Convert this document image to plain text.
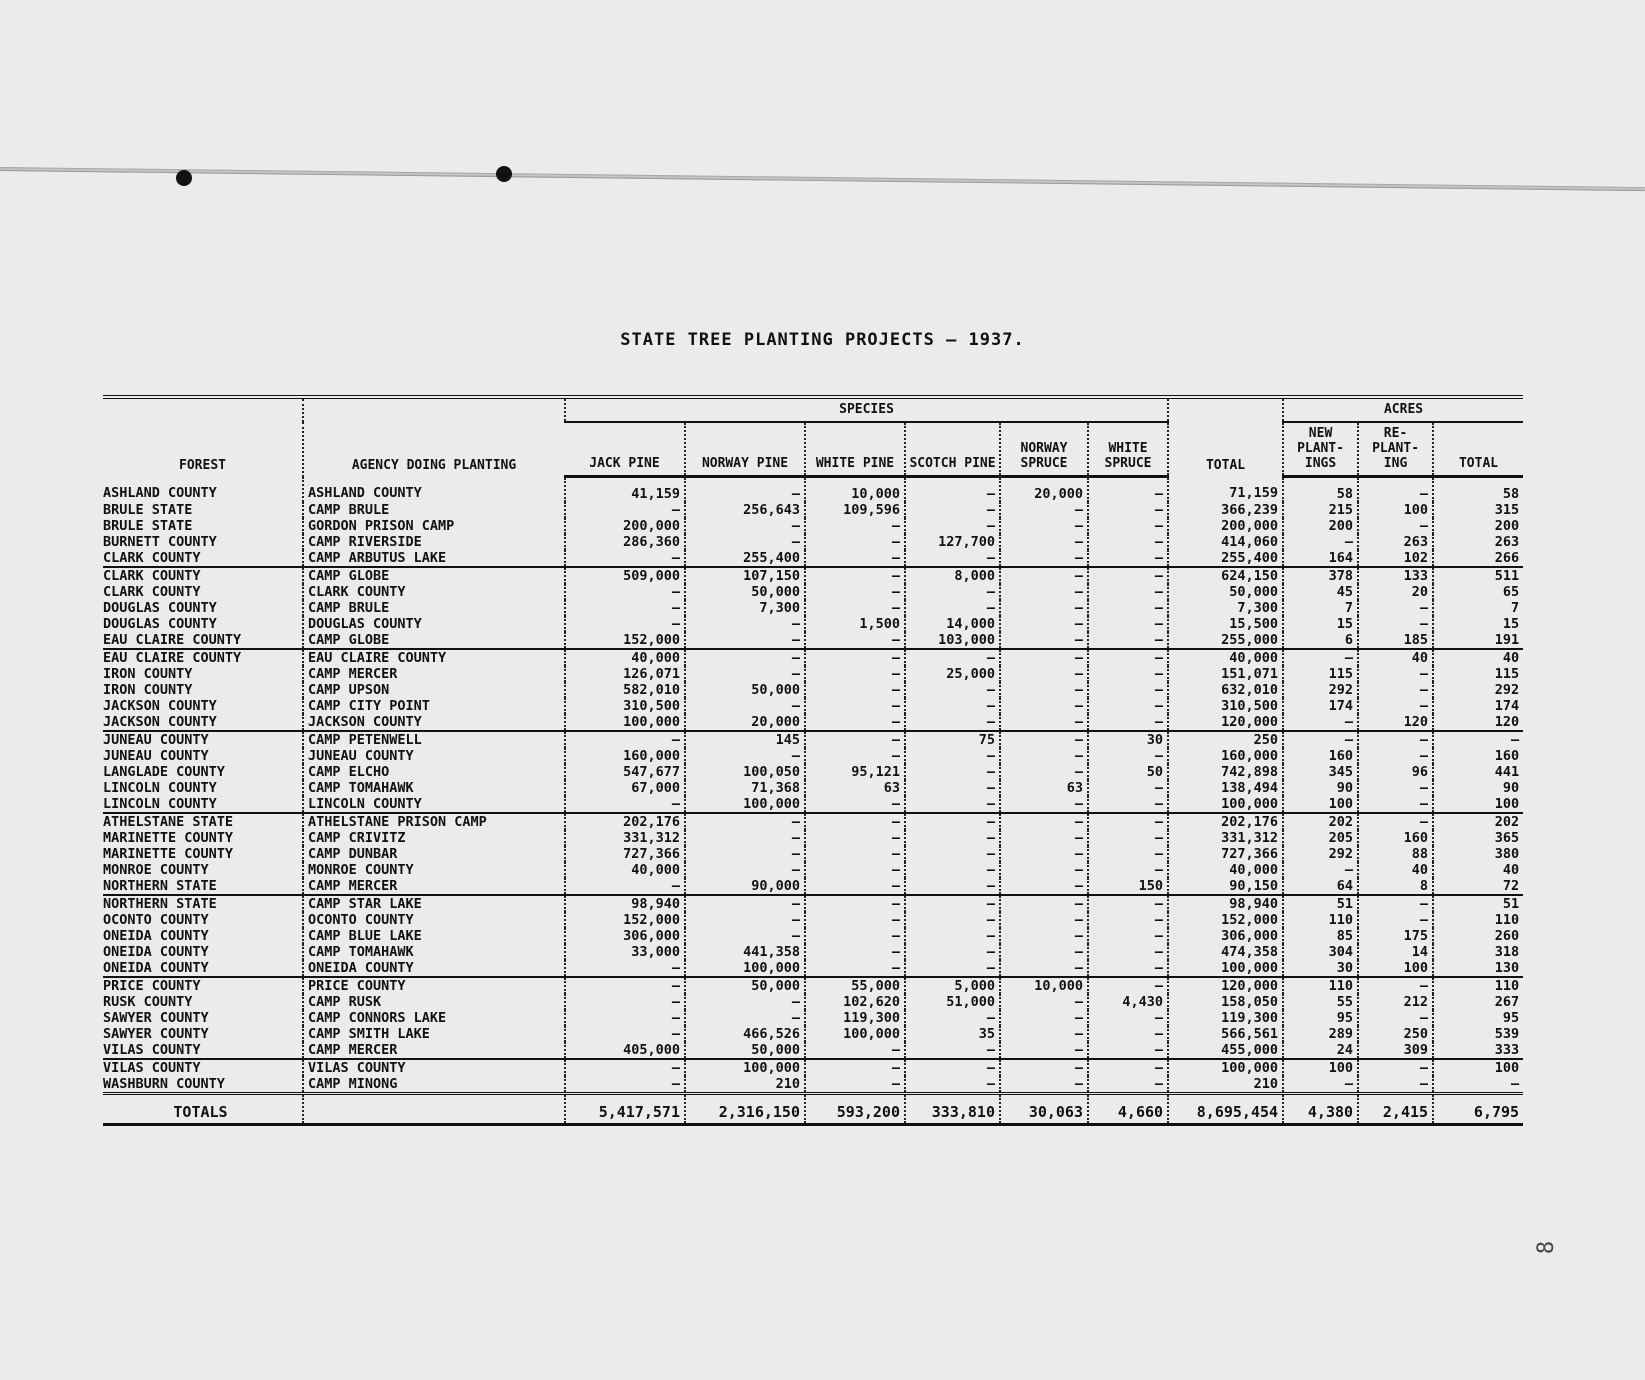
STATE TREE PLANTING PROJECTS — 1937.
FOREST	AGENCY DOING PLANTING	SPECIES						TOTAL	ACRES		
		JACK PINE	NORWAY PINE	WHITE PINE	SCOTCH PINE	NORWAY SPRUCE	WHITE SPRUCE		NEW PLANT-INGS	RE-PLANT-ING	TOTAL
ASHLAND COUNTY	ASHLAND COUNTY	41,159	—	10,000	—	20,000	—	71,159	58	—	58
BRULE STATE	CAMP BRULE	—	256,643	109,596	—	—	—	366,239	215	100	315
BRULE STATE	GORDON PRISON CAMP	200,000	—	—	—	—	—	200,000	200	—	200
BURNETT COUNTY	CAMP RIVERSIDE	286,360	—	—	127,700	—	—	414,060	—	263	263
CLARK COUNTY	CAMP ARBUTUS LAKE	—	255,400	—	—	—	—	255,400	164	102	266
CLARK COUNTY	CAMP GLOBE	509,000	107,150	—	8,000	—	—	624,150	378	133	511
CLARK COUNTY	CLARK COUNTY	—	50,000	—	—	—	—	50,000	45	20	65
DOUGLAS COUNTY	CAMP BRULE	—	7,300	—	—	—	—	7,300	7	—	7
DOUGLAS COUNTY	DOUGLAS COUNTY	—	—	1,500	14,000	—	—	15,500	15	—	15
EAU CLAIRE COUNTY	CAMP GLOBE	152,000	—	—	103,000	—	—	255,000	6	185	191
EAU CLAIRE COUNTY	EAU CLAIRE COUNTY	40,000	—	—	—	—	—	40,000	—	40	40
IRON COUNTY	CAMP MERCER	126,071	—	—	25,000	—	—	151,071	115	—	115
IRON COUNTY	CAMP UPSON	582,010	50,000	—	—	—	—	632,010	292	—	292
JACKSON COUNTY	CAMP CITY POINT	310,500	—	—	—	—	—	310,500	174	—	174
JACKSON COUNTY	JACKSON COUNTY	100,000	20,000	—	—	—	—	120,000	—	120	120
JUNEAU COUNTY	CAMP PETENWELL	—	145	—	75	—	30	250	—	—	—
JUNEAU COUNTY	JUNEAU COUNTY	160,000	—	—	—	—	—	160,000	160	—	160
LANGLADE COUNTY	CAMP ELCHO	547,677	100,050	95,121	—	—	50	742,898	345	96	441
LINCOLN COUNTY	CAMP TOMAHAWK	67,000	71,368	63	—	63	—	138,494	90	—	90
LINCOLN COUNTY	LINCOLN COUNTY	—	100,000	—	—	—	—	100,000	100	—	100
ATHELSTANE STATE	ATHELSTANE PRISON CAMP	202,176	—	—	—	—	—	202,176	202	—	202
MARINETTE COUNTY	CAMP CRIVITZ	331,312	—	—	—	—	—	331,312	205	160	365
MARINETTE COUNTY	CAMP DUNBAR	727,366	—	—	—	—	—	727,366	292	88	380
MONROE COUNTY	MONROE COUNTY	40,000	—	—	—	—	—	40,000	—	40	40
NORTHERN STATE	CAMP MERCER	—	90,000	—	—	—	150	90,150	64	8	72
NORTHERN STATE	CAMP STAR LAKE	98,940	—	—	—	—	—	98,940	51	—	51
OCONTO COUNTY	OCONTO COUNTY	152,000	—	—	—	—	—	152,000	110	—	110
ONEIDA COUNTY	CAMP BLUE LAKE	306,000	—	—	—	—	—	306,000	85	175	260
ONEIDA COUNTY	CAMP TOMAHAWK	33,000	441,358	—	—	—	—	474,358	304	14	318
ONEIDA COUNTY	ONEIDA COUNTY	—	100,000	—	—	—	—	100,000	30	100	130
PRICE COUNTY	PRICE COUNTY	—	50,000	55,000	5,000	10,000	—	120,000	110	—	110
RUSK COUNTY	CAMP RUSK	—	—	102,620	51,000	—	4,430	158,050	55	212	267
SAWYER COUNTY	CAMP CONNORS LAKE	—	—	119,300	—	—	—	119,300	95	—	95
SAWYER COUNTY	CAMP SMITH LAKE	—	466,526	100,000	35	—	—	566,561	289	250	539
VILAS COUNTY	CAMP MERCER	405,000	50,000	—	—	—	—	455,000	24	309	333
VILAS COUNTY	VILAS COUNTY	—	100,000	—	—	—	—	100,000	100	—	100
WASHBURN COUNTY	CAMP MINONG	—	210	—	—	—	—	210	—	—	—
TOTALS		5,417,571	2,316,150	593,200	333,810	30,063	4,660	8,695,454	4,380	2,415	6,795
8
